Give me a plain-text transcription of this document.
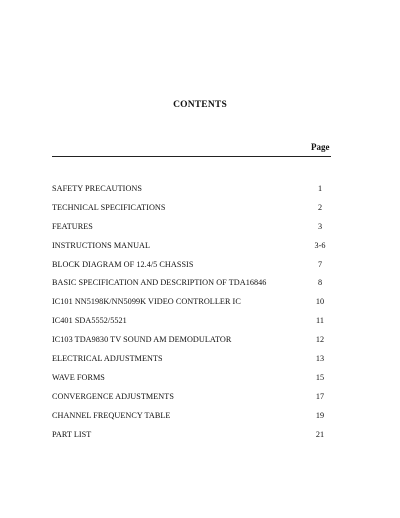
CONTENTS
Page
SAFETY PRECAUTIONS	1
TECHNICAL SPECIFICATIONS	2
FEATURES	3
INSTRUCTIONS MANUAL	3-6
BLOCK DIAGRAM OF 12.4/5 CHASSIS	7
BASIC SPECIFICATION AND DESCRIPTION OF TDA16846	8
IC101 NN5198K/NN5099K VIDEO CONTROLLER IC	10
IC401 SDA5552/5521	11
IC103 TDA9830 TV SOUND AM DEMODULATOR	12
ELECTRICAL ADJUSTMENTS	13
WAVE FORMS	15
CONVERGENCE ADJUSTMENTS	17
CHANNEL FREQUENCY TABLE	19
PART LIST	21
